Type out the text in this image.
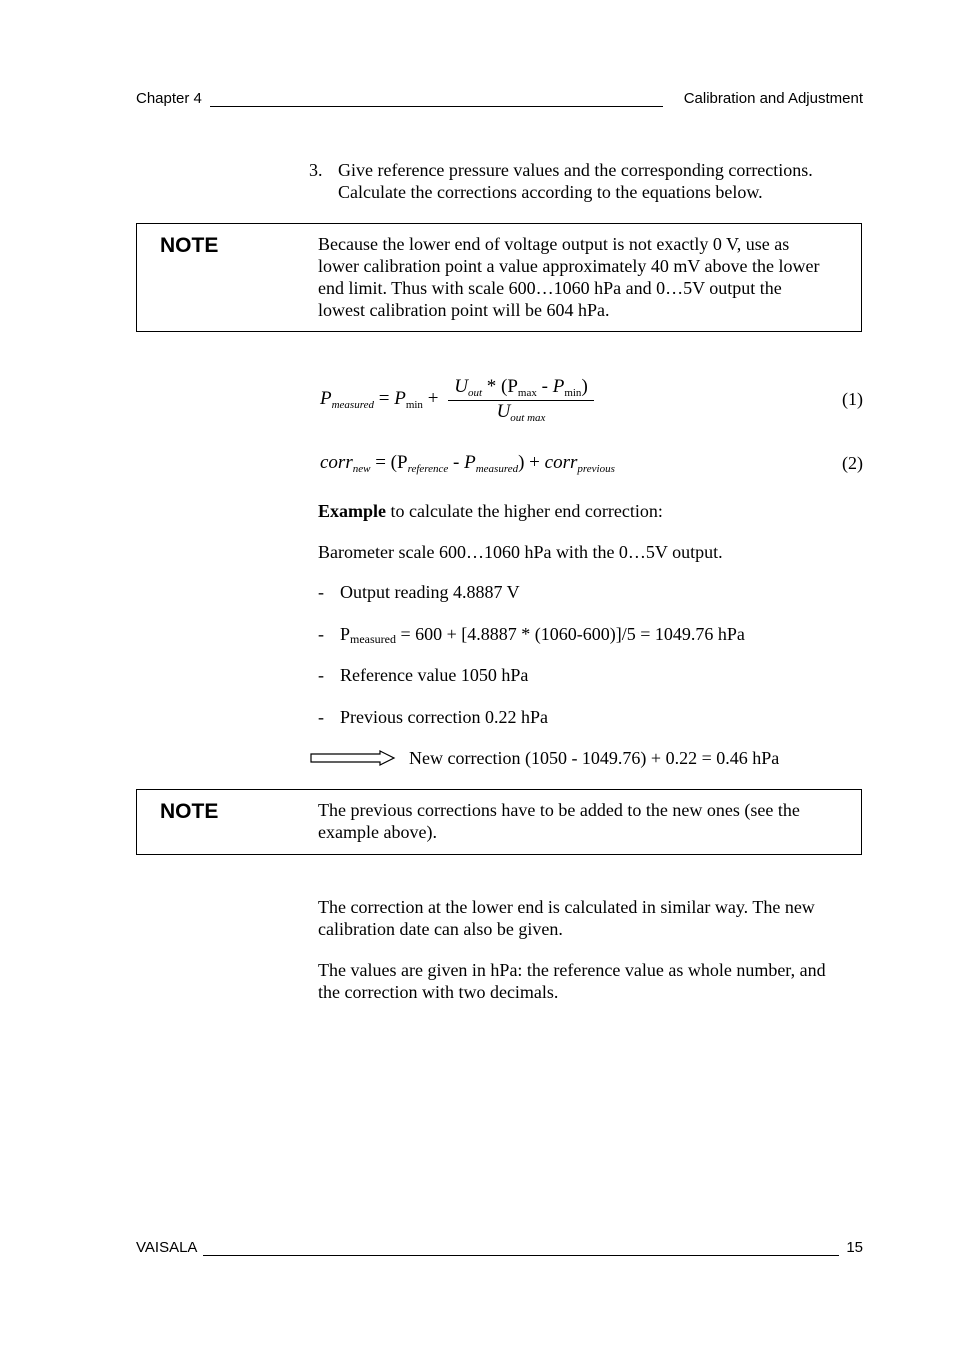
Chapter 4	Calibration and Adjustment
3. Give reference pressure values and the corresponding corrections.
Calculate the corrections according to the equations below.
NOTE	Because the lower end of voltage output is not exactly 0 V, use as
lower calibration point a value approximately 40 mV above the lower
end limit. Thus with scale 600…1060 hPa and 0…5V output the
lowest calibration point will be 604 hPa.
$P_{measured} = P_{min}$ +
$U_{out} * (P_{max} - P_{min})$
$U_{out max}$
(1)
corr$_{new}$ = $(P_{reference} - P_{measured})$ + corr$_{previous}$	(2)
Example to calculate the higher end correction:
Barometer scale 600…1060 hPa with the 0…5V output.
- Output reading 4.8887 V
- Pmeasured = 600 + [4.8887 * (1060-600)]/5 = 1049.76 hPa
- Reference value 1050 hPa
- Previous correction 0.22 hPa
New correction (1050 - 1049.76) + 0.22 = 0.46 hPa
NOTE	The previous corrections have to be added to the new ones (see the
example above).
The correction at the lower end is calculated in similar way. The new
calibration date can also be given.
The values are given in hPa: the reference value as whole number, and
the correction with two decimals.
VAISALA	15
